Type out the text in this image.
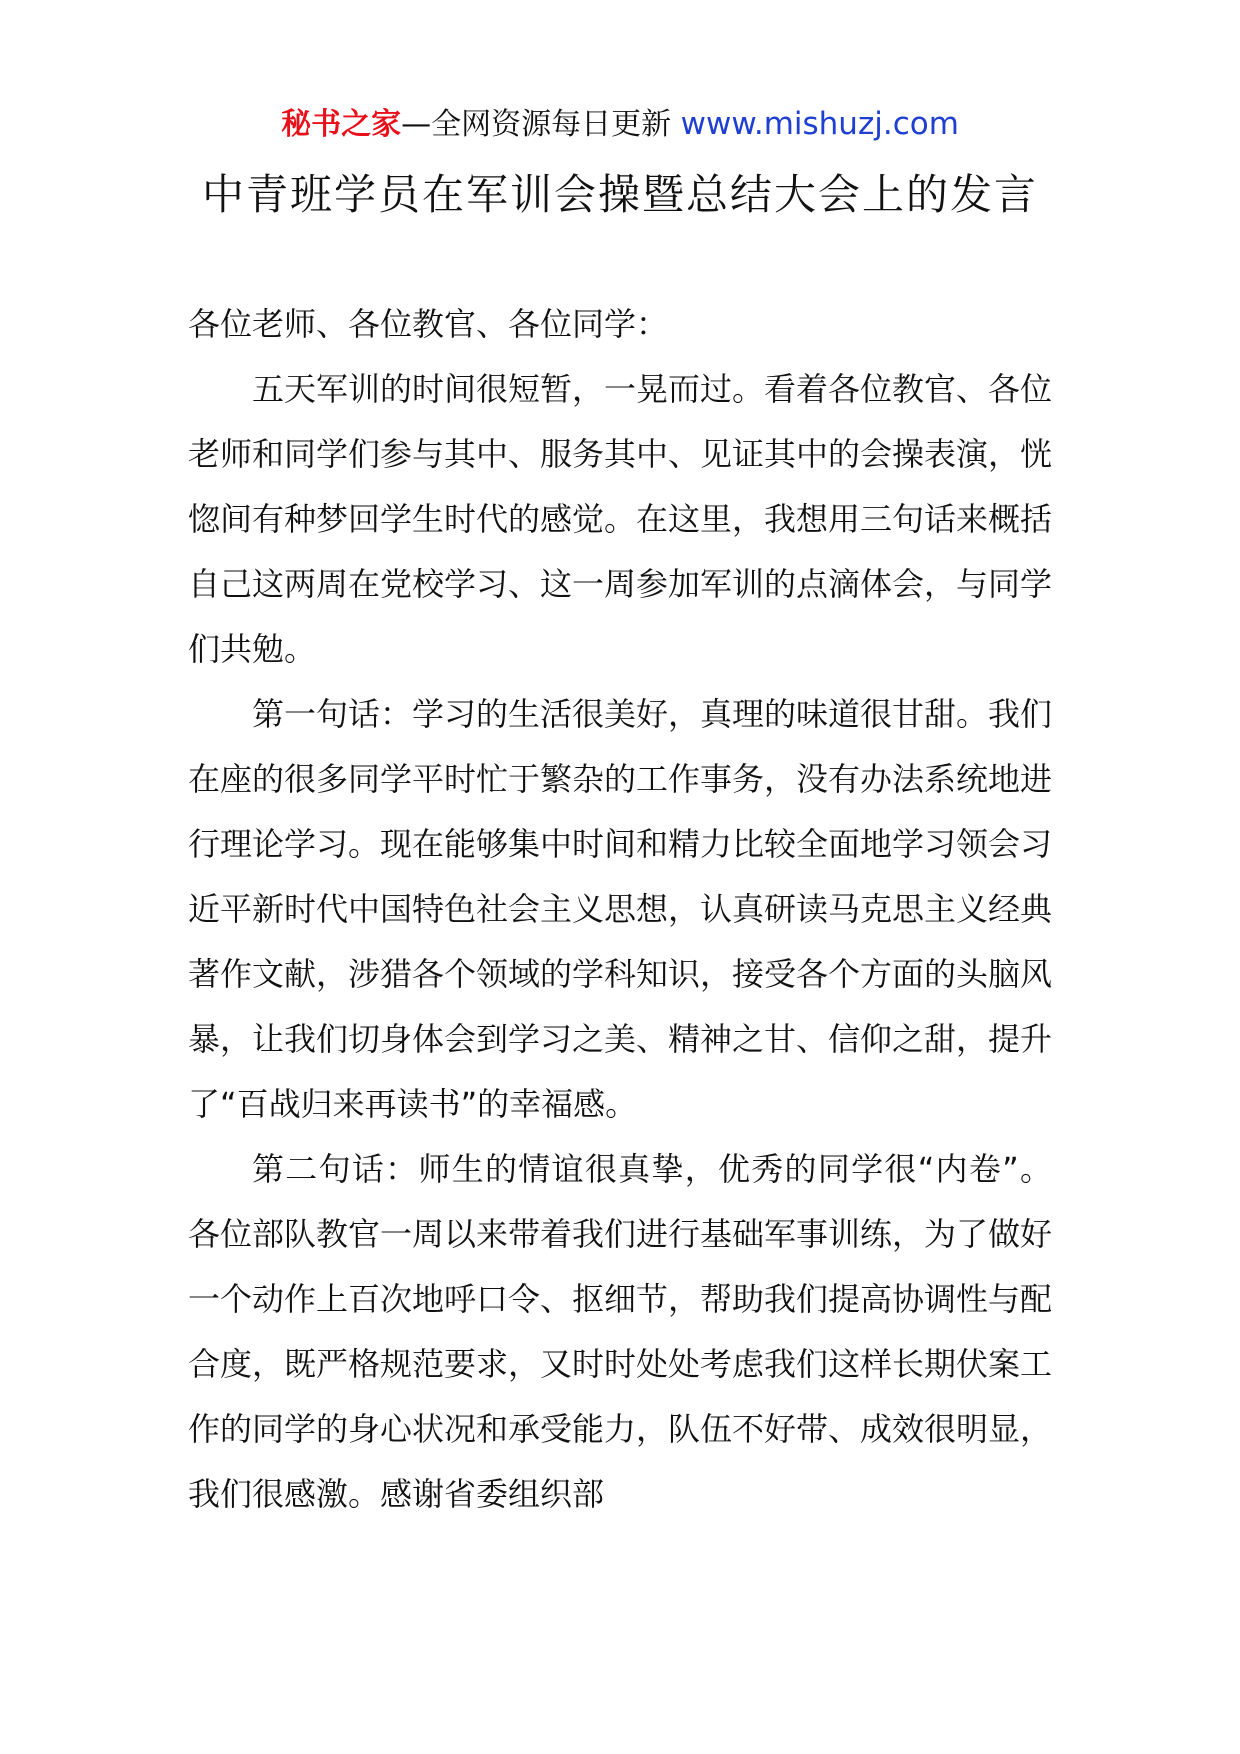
秘书之家—全网资源每日更新 www.mishuzj.com
中青班学员在军训会操暨总结大会上的发言

各位老师、各位教官、各位同学：

五天军训的时间很短暂，一晃而过。看着各位教官、各位老师和同学们参与其中、服务其中、见证其中的会操表演，恍惚间有种梦回学生时代的感觉。在这里，我想用三句话来概括自己这两周在党校学习、这一周参加军训的点滴体会，与同学们共勉。

第一句话：学习的生活很美好，真理的味道很甘甜。我们在座的很多同学平时忙于繁杂的工作事务，没有办法系统地进行理论学习。现在能够集中时间和精力比较全面地学习领会习近平新时代中国特色社会主义思想，认真研读马克思主义经典著作文献，涉猎各个领域的学科知识，接受各个方面的头脑风暴，让我们切身体会到学习之美、精神之甘、信仰之甜，提升了“百战归来再读书”的幸福感。

第二句话：师生的情谊很真挚，优秀的同学很“内卷”。各位部队教官一周以来带着我们进行基础军事训练，为了做好一个动作上百次地呼口令、抠细节，帮助我们提高协调性与配合度，既严格规范要求，又时时处处考虑我们这样长期伏案工作的同学的身心状况和承受能力，队伍不好带、成效很明显，我们很感激。感谢省委组织部
